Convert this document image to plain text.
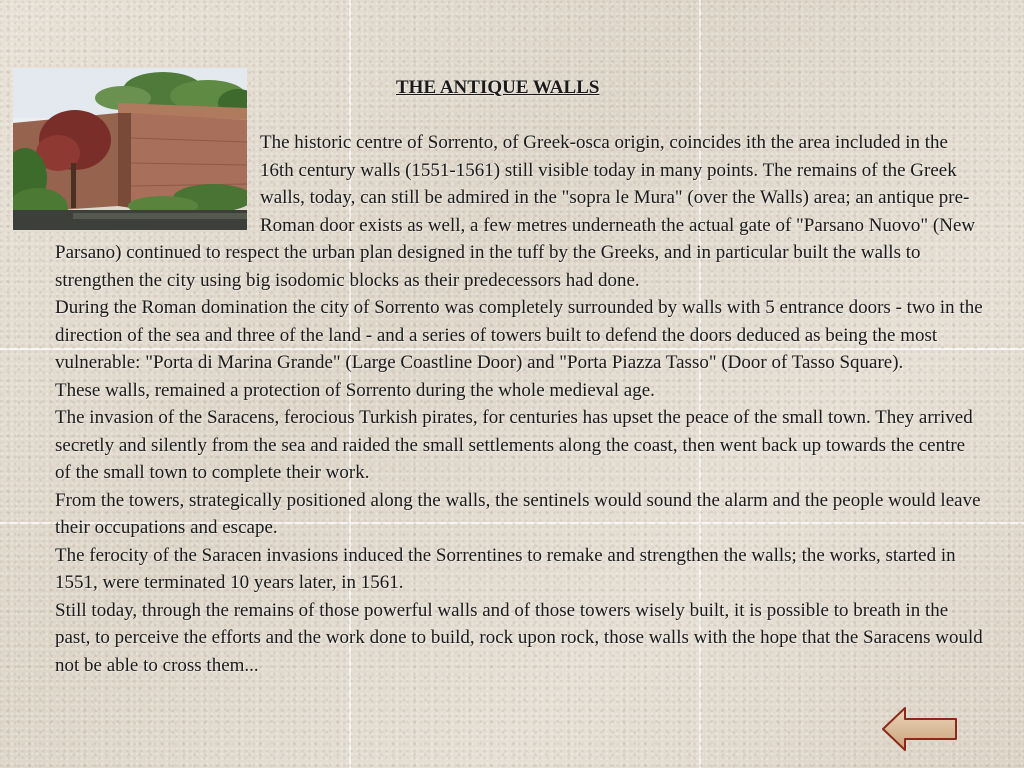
THE ANTIQUE WALLS

The historic centre of Sorrento, of Greek-osca origin, coincides ith the area included in the 16th century walls (1551-1561) still visible today in many points. The remains of the Greek walls, today, can still be admired in the "sopra le Mura" (over the Walls) area; an antique pre-Roman door exists as well, a few metres underneath the actual gate of "Parsano Nuovo" (New Parsano) continued to respect the urban plan designed in the tuff by the Greeks, and in particular built the walls to strengthen the city using big isodomic blocks as their predecessors had done.

During the Roman domination the city of Sorrento was completely surrounded by walls with 5 entrance doors - two in the direction of the sea and three of the land - and a series of towers built to defend the doors deduced as being the most vulnerable: "Porta di Marina Grande" (Large Coastline Door) and "Porta Piazza Tasso" (Door of Tasso Square).

These walls, remained a protection of Sorrento during the whole medieval age.

The invasion of the Saracens, ferocious Turkish pirates, for centuries has upset the peace of the small town. They arrived secretly and silently from the sea and raided the small settlements along the coast, then went back up towards the centre of the small town to complete their work.

From the towers, strategically positioned along the walls, the sentinels would sound the alarm and the people would leave their occupations and escape.

The ferocity of the Saracen invasions induced the Sorrentines to remake and strengthen the walls; the works, started in 1551, were terminated 10 years later, in 1561.

Still today, through the remains of those powerful walls and of those towers wisely built, it is possible to breath in the past, to perceive the efforts and the work done to build, rock upon rock, those walls with the hope that the Saracens would not be able to cross them...
